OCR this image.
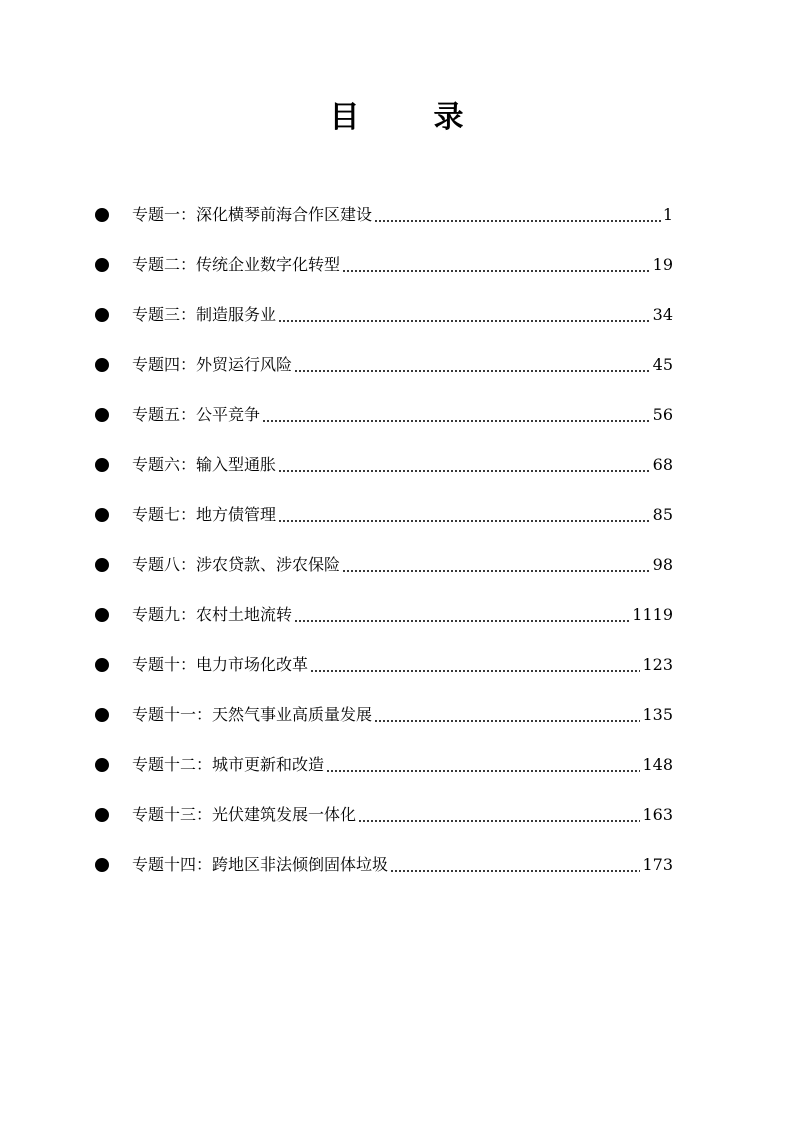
目　录
专题一：深化横琴前海合作区建设	1
专题二：传统企业数字化转型	19
专题三：制造服务业	34
专题四：外贸运行风险	45
专题五：公平竞争	56
专题六：输入型通胀	68
专题七：地方债管理	85
专题八：涉农贷款、涉农保险	98
专题九：农村土地流转	1119
专题十：电力市场化改革	123
专题十一：天然气事业高质量发展	135
专题十二：城市更新和改造	148
专题十三：光伏建筑发展一体化	163
专题十四：跨地区非法倾倒固体垃圾	173
